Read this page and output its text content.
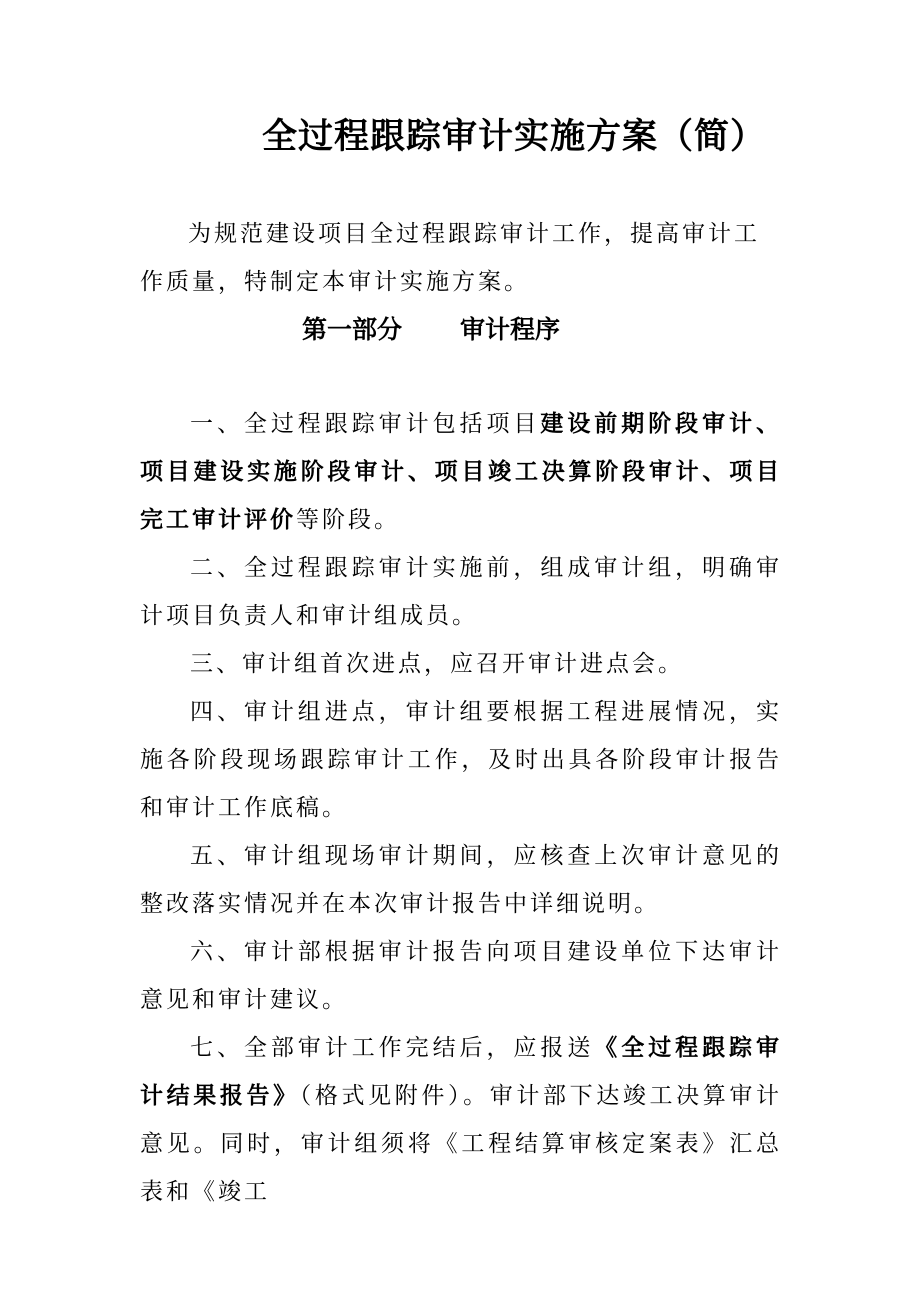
全过程跟踪审计实施方案（简）

为规范建设项目全过程跟踪审计工作，提高审计工作质量，特制定本审计实施方案。

第一部分 审计程序

一、全过程跟踪审计包括项目建设前期阶段审计、项目建设实施阶段审计、项目竣工决算阶段审计、项目完工审计评价等阶段。

二、全过程跟踪审计实施前，组成审计组，明确审计项目负责人和审计组成员。

三、审计组首次进点，应召开审计进点会。

四、审计组进点，审计组要根据工程进展情况，实施各阶段现场跟踪审计工作，及时出具各阶段审计报告和审计工作底稿。

五、审计组现场审计期间，应核查上次审计意见的整改落实情况并在本次审计报告中详细说明。

六、审计部根据审计报告向项目建设单位下达审计意见和审计建议。

七、全部审计工作完结后，应报送《全过程跟踪审计结果报告》（格式见附件）。审计部下达竣工决算审计意见。同时，审计组须将《工程结算审核定案表》汇总表和《竣工
